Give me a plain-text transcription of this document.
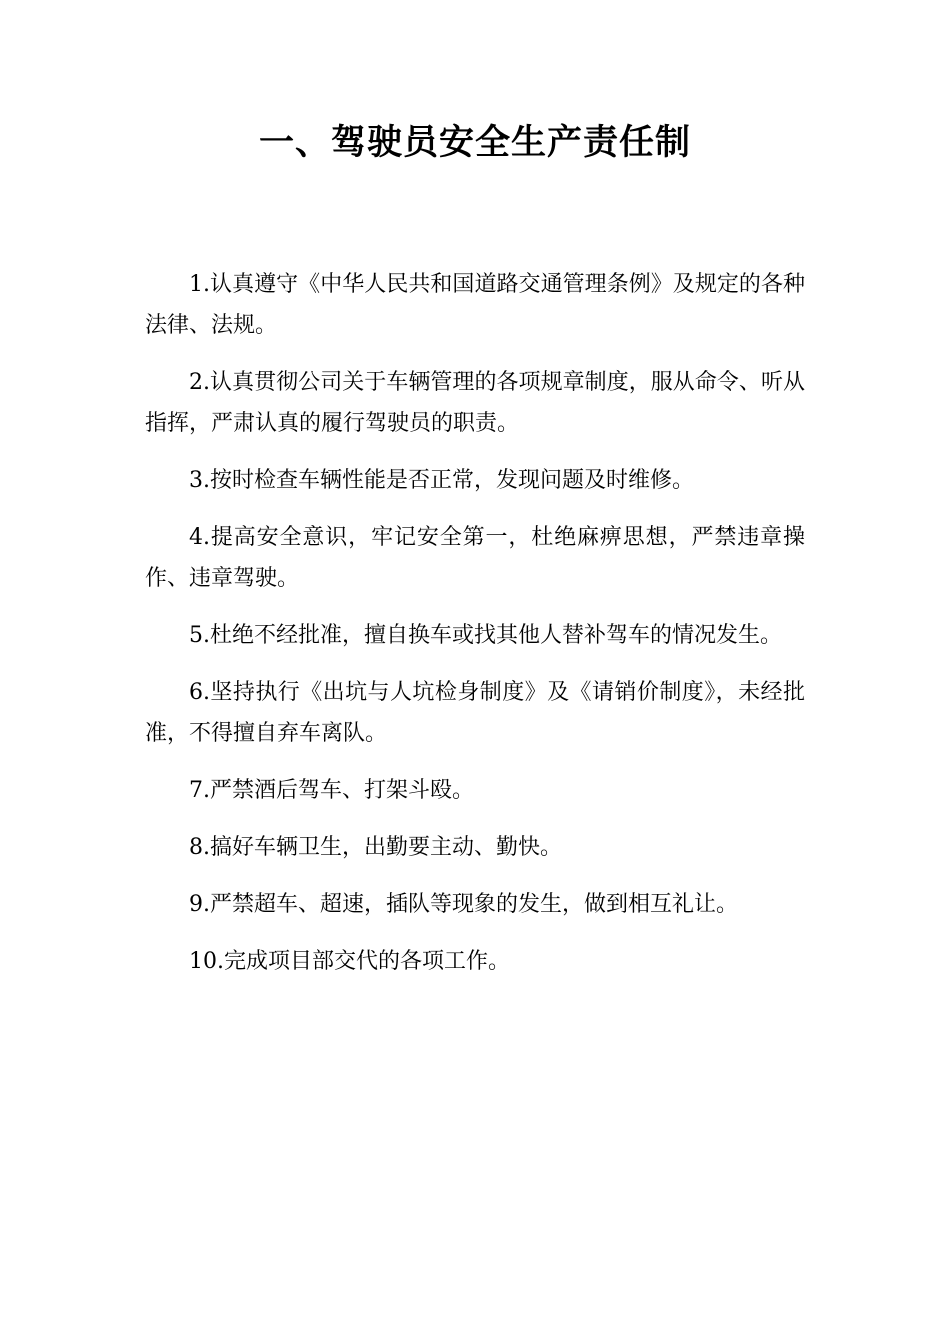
一、驾驶员安全生产责任制

1.认真遵守《中华人民共和国道路交通管理条例》及规定的各种法律、法规。

2.认真贯彻公司关于车辆管理的各项规章制度，服从命令、听从指挥，严肃认真的履行驾驶员的职责。

3.按时检查车辆性能是否正常，发现问题及时维修。

4.提高安全意识，牢记安全第一，杜绝麻痹思想，严禁违章操作、违章驾驶。

5.杜绝不经批准，擅自换车或找其他人替补驾车的情况发生。

6.坚持执行《出坑与人坑检身制度》及《请销价制度》，未经批准，不得擅自弃车离队。

7.严禁酒后驾车、打架斗殴。

8.搞好车辆卫生，出勤要主动、勤快。

9.严禁超车、超速，插队等现象的发生，做到相互礼让。

10.完成项目部交代的各项工作。
